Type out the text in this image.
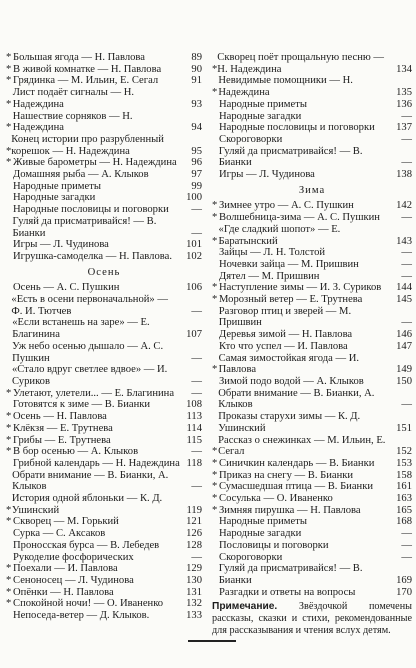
* Большая ягода — Н. Павлова	89
* В живой комнатке — Н. Павлова	90
* Грядинка — М. Ильин, Е. Сегал	91
*
Лист подаёт сигналы — Н. Надеждина	93
*
Нашествие сорняков — Н. Надеждина	94
*
Конец истории про разрубленный корешок — Н. Надеждина	95
* Живые барометры — Н. Надеждина	96
Домашняя рыба — А. Клыков	97
Народные приметы	99
Народные загадки	100
Народные пословицы и поговорки	—
Гуляй да присматривайся! — В. Бианки	—
Игры — Л. Чудинова	101
Игрушка-самоделка — Н. Павлова.	102
Осень
Осень — А. С. Пушкин	106
«Есть в осени первоначальной» — Ф. И. Тютчев	—
«Если встанешь на заре» — Е. Благинина	107
Уж небо осенью дышало — А. С. Пушкин	—
«Стало вдруг светлее вдвое» — И. Суриков	—
* Улетают, улетели... — Е. Благинина	—
Готовятся к зиме — В. Бианки	108
* Осень — Н. Павлова	113
* Клёкзя — Е. Трутнева	114
* Грибы — Е. Трутнева	115
* В бор осенью — А. Клыков	—
Грибной календарь — Н. Надеждина 118
Обрати внимание — В. Бианки, А. Клыков	—
*
История одной яблоньки — К. Д. Ушинский	119
* Скворец — М. Горький	121
Сурка — С. Аксаков	126
Проносская бурса — В. Лебедев	128
Рукоделие фосфорических	—
* Поехали — И. Павлова	129
* Сеноносец — Л. Чудинова	130
* Опёнки — Н. Павлова	131
* Спокойной ночи! — О. Иваненко	132
Непоседа-ветер — Д. Клыков.	133
*
Скворец поёт прощальную песню — Н. Надеждина	134
*
Невидимые помощники — Н. Надеждина	135
Народные приметы	136
Народные загадки	—
Народные пословицы и поговорки	137
Скороговорки	—
Гуляй да присматривайся! — В. Бианки	—
Игры — Л. Чудинова	138
Зима
* Зимнее утро — А. С. Пушкин	142
* Волшебница-зима — А. С. Пушкин	—
*
«Где сладкий шопот» — Е. Баратынский	143
Зайцы — Л. Н. Толстой	—
Ночевки зайца — М. Пришвин	—
Дятел — М. Пришвин	—
* Наступление зимы — И. З. Суриков	144
* Морозный ветер — Е. Трутнева	145
Разговор птиц и зверей — М. Пришвин	—
Деревья зимой — Н. Павлова	146
Кто что успел — И. Павлова	147
*
Самая зимостойкая ягода — И. Павлова	149
Зимой подо водой — А. Клыков	150
Обрати внимание — В. Бианки, А. Клыков	—
Проказы старухи зимы — К. Д. Ушинский	151
*
Рассказ о снежинках — М. Ильин, Е. Сегал	152
* Синичкин календарь — В. Бианки	153
* Приказ на снегу — В. Бианки	158
* Сумасшедшая птица — В. Бианки	161
* Сосулька — О. Иваненко	163
* Зимняя пирушка — Н. Павлова	165
Народные приметы	168
Народные загадки	—
Пословицы и поговорки	—
Скороговорки	—
Гуляй да присматривайся! — В. Бианки	169
Разгадки и ответы на вопросы	170
Примечание. Звёздочкой помечены рассказы, сказки и стихи, рекомендованные для рассказывания и чтения вслух детям.
